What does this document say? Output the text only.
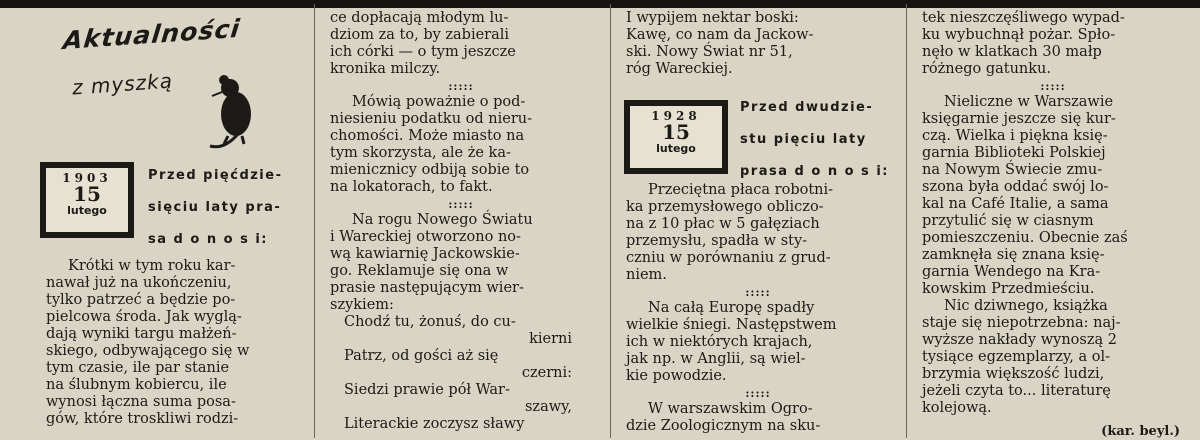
Aktualności
z myszką
1903
15
lutego
Przed pięćdzie-
sięciu laty pra-
sa d o n o s i:

Krótki w tym roku kar-
nawał już na ukończeniu,
tylko patrzeć a będzie po-
pielcowa środa. Jak wyglą-
dają wyniki targu małżeń-
skiego, odbywającego się w
tym czasie, ile par stanie
na ślubnym kobiercu, ile
wynosi łączna suma posa-
gów, które troskliwi rodzi-

ce dopłacają młodym lu-
dziom za to, by zabierali
ich córki — o tym jeszcze
kronika milczy.

:::::

Mówią poważnie o pod-
niesieniu podatku od nieru-
chomości. Może miasto na
tym skorzysta, ale że ka-
mienicznicy odbiją sobie to
na lokatorach, to fakt.

:::::

Na rogu Nowego Światu
i Wareckiej otworzono no-
wą kawiarnię Jackowskie-
go. Reklamuje się ona w
prasie następującym wier-
szykiem:

Chodź tu, żonuś, do cu-
kierni
Patrz, od gości aż się
czerni:
Siedzi prawie pół War-
szawy,
Literackie zoczysz sławy

I wypijem nektar boski:
Kawę, co nam da Jackow-
ski. Nowy Świat nr 51,
róg Wareckiej.

1928
15
lutego
Przed dwudzie-
stu pięciu laty
prasa d o n o s i:

Przeciętna płaca robotni-
ka przemysłowego obliczo-
na z 10 płac w 5 gałęziach
przemysłu, spadła w sty-
czniu w porównaniu z grud-
niem.

:::::

Na całą Europę spadły
wielkie śniegi. Następstwem
ich w niektórych krajach,
jak np. w Anglii, są wiel-
kie powodzie.

:::::

W warszawskim Ogro-
dzie Zoologicznym na sku-

tek nieszczęśliwego wypad-
ku wybuchnął pożar. Spło-
nęło w klatkach 30 małp
różnego gatunku.

:::::

Nieliczne w Warszawie
księgarnie jeszcze się kur-
czą. Wielka i piękna księ-
garnia Biblioteki Polskiej
na Nowym Świecie zmu-
szona była oddać swój lo-
kal na Café Italie, a sama
przytulić się w ciasnym
pomieszczeniu. Obecnie zaś
zamknęła się znana księ-
garnia Wendego na Kra-
kowskim Przedmieściu.

Nic dziwnego, książka
staje się niepotrzebna: naj-
wyższe nakłady wynoszą 2
tysiące egzemplarzy, a ol-
brzymia większość ludzi,
jeżeli czyta to... literaturę
kolejową.

(kar. beyl.)
